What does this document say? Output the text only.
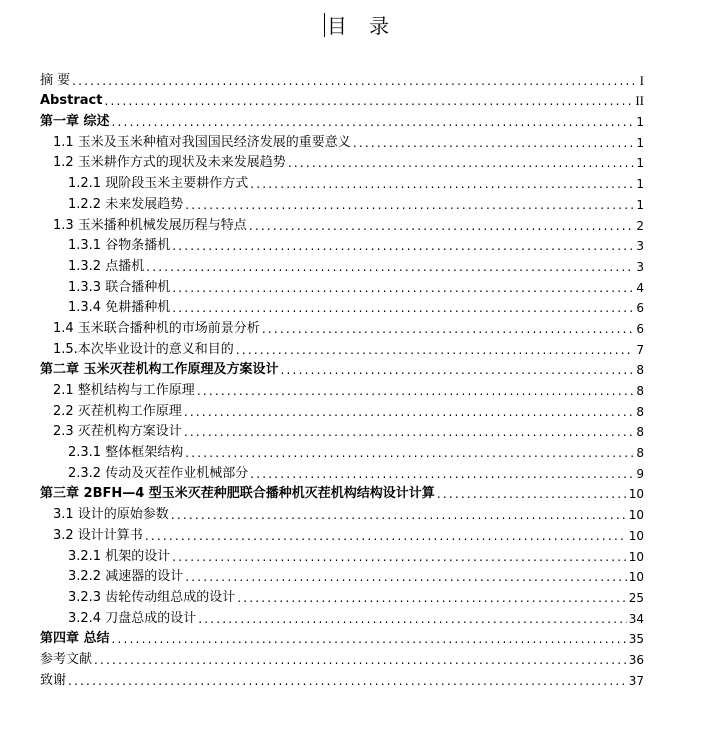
目 录
摘 要 .....	I
Abstract .....	II
第一章 综述 .....	1
1.1 玉米及玉米种植对我国国民经济发展的重要意义 .....	1
1.2 玉米耕作方式的现状及未来发展趋势 .....	1
1.2.1 现阶段玉米主要耕作方式 .....	1
1.2.2 未来发展趋势 .....	1
1.3 玉米播种机械发展历程与特点 .....	2
1.3.1 谷物条播机 .....	3
1.3.2 点播机 .....	3
1.3.3 联合播种机 .....	4
1.3.4 免耕播种机 .....	6
1.4 玉米联合播种机的市场前景分析 .....	6
1.5.本次毕业设计的意义和目的 .....	7
第二章 玉米灭茬机构工作原理及方案设计 .....	8
2.1 整机结构与工作原理 .....	8
2.2 灭茬机构工作原理 .....	8
2.3 灭茬机构方案设计 .....	8
2.3.1 整体框架结构 .....	8
2.3.2 传动及灭茬作业机械部分 .....	9
第三章 2BFH—4 型玉米灭茬种肥联合播种机灭茬机构结构设计计算 .....	10
3.1 设计的原始参数 .....	10
3.2 设计计算书 .....	10
3.2.1 机架的设计 .....	10
3.2.2 减速器的设计 .....	10
3.2.3 齿轮传动组总成的设计 .....	25
3.2.4 刀盘总成的设计 .....	34
第四章 总结 .....	35
参考文献 .....	36
致谢 .....	37
